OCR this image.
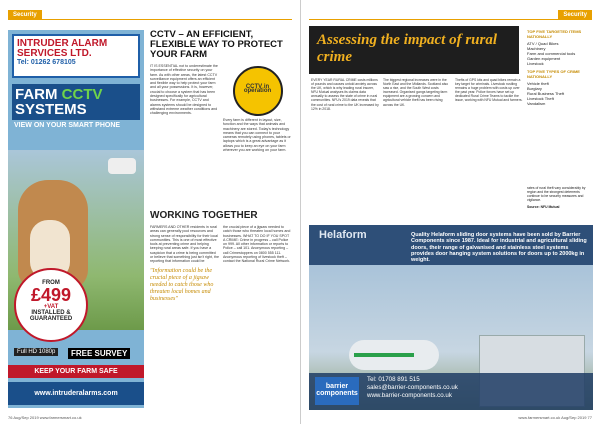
Security
INTRUDER ALARM SERVICES LTD.
Tel: 01262 678105
FARM CCTV
SYSTEMS
VIEW ON YOUR SMART PHONE
FROM
£499
+VAT
INSTALLED & GUARANTEED
Full HD 1080p	FREE SURVEY
KEEP YOUR FARM SAFE
www.intruderalarms.com
CCTV – AN EFFICIENT, FLEXIBLE WAY TO PROTECT YOUR FARM

IT IS ESSENTIAL not to underestimate the importance of effective security on your farm. As with other areas, the latest CCTV surveillance equipment offers an efficient and flexible way to help protect your farm and all your possessions. It is, however, crucial to choose a system that has been designed specifically for agricultural businesses. For example, CCTV and alarms systems should be designed to withstand extreme weather conditions and challenging environments.

CCTV in operation

Every farm is different in layout, size, function and the ways that animals and machinery are stored. Today's technology means that you can connect to your cameras remotely using phones, tablets or laptops which is a great advantage as it allows you to keep an eye on your farm wherever you are working on your farm.

WORKING TOGETHER

FARMERS AND OTHER residents in rural areas can generally pool resources and strong sense of responsibility for their local communities. This is one of most effective tools at preventing crime and helping keeping rural areas safe. If you have a suspicion that a crime is being committed or believe that something just isn't right, the reporting that information could be

"Information could be the crucial piece of a jigsaw needed to catch those who threaten local homes and businesses"

the crucial piece of a jigsaw needed to catch those who threaten local homes and businesses. WHAT TO DO IF YOU SPOT A CRIME: Crime in progress – call Police on 999. All other information or reports to Police – call 101. Anonymous reporting – call Crimestoppers on 0800 555 111. Anonymous reporting of livestock theft – contact the National Rural Crime Network.

76 Aug/Sep 2019 www.farmersmart.co.uk
Security
Assessing the impact of rural crime
EVERY YEAR RURAL CRIME costs millions of pounds and causes untold anxiety across the UK, which is why leading rural insurer, NFU Mutual analyses its claims data annually to assess the state of crime in rural communities. NFU's 2019 data reveals that the cost of rural crime to the UK increased by 12% in 2018.
The biggest regional increases were in the North East and the Midlands. Scotland also saw a rise, and the South West costs increased. Organised gangs targeting farm equipment are a growing concern and agricultural vehicle theft has been rising across the UK.
Thefts of GPS kits and quad bikes remain a key target for criminals. Livestock rustling remains a huge problem with costs up over the past year. Police forces have set up dedicated Rural Crime Teams to tackle the issue, working with NFU Mutual and farmers.
TOP FIVE TARGETED ITEMS NATIONALLY
ATV / Quad Bikes
Machinery
Farm and commercial tools
Garden equipment
Livestock
TOP FIVE TYPES OF CRIME NATIONALLY
Vehicle theft
Burglary
Rural Business Theft
Livestock Theft
Vandalism
rates of rural theft vary considerably by region and the strongest deterrents continue to be security measures and vigilance.
Source: NFU Mutual
Helaform	Quality Helaform sliding door systems have been sold by Barrier Components since 1987. Ideal for industrial and agricultural sliding doors, their range of galvanised and stainless steel systems provides door hanging system solutions for doors up to 2000kg in weight.
barrier components
Tel: 01708 891 515
sales@barrier-components.co.uk
www.barrier-components.co.uk
www.farmersmart.co.uk Aug/Sep 2019 77
